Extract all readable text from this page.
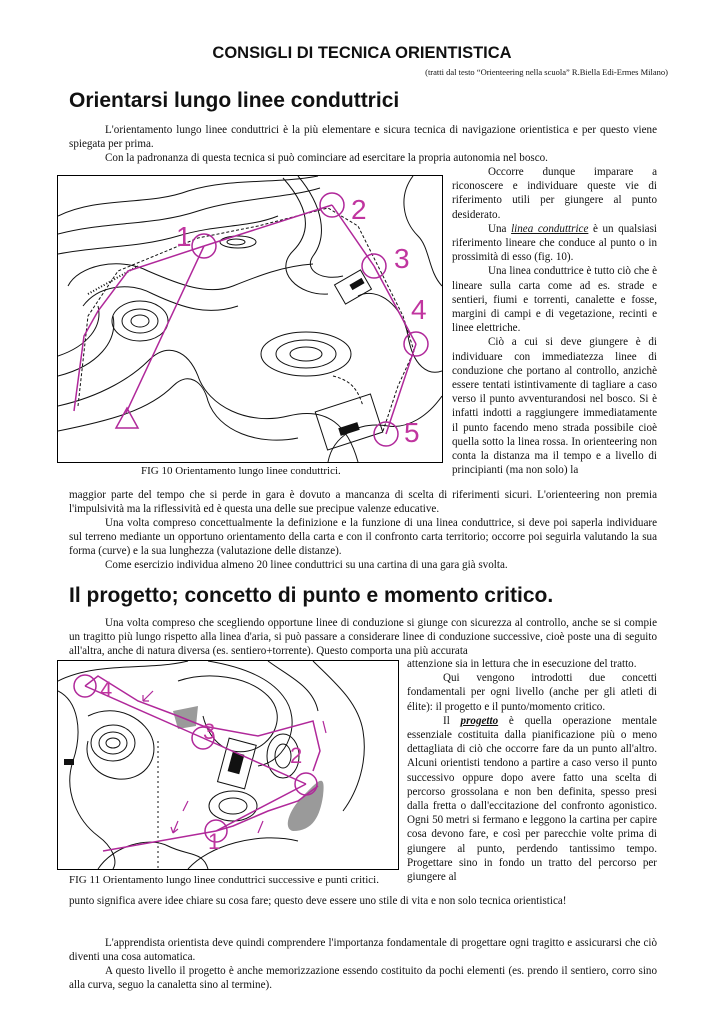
CONSIGLI DI TECNICA ORIENTISTICA
(tratti dal testo “Orienteering nella scuola” R.Biella Edi-Ermes Milano)
Orientarsi lungo linee conduttrici

L'orientamento lungo linee conduttrici è la più elementare e sicura tecnica di navigazione orientistica e per questo viene spiegata per prima.

Con la padronanza di questa tecnica si può cominciare ad esercitare la propria autonomia nel bosco.

1
2
3
4
5
FIG 10 Orientamento lungo linee conduttrici.

Occorre dunque imparare a riconoscere e individuare queste vie di riferimento utili per giungere al punto desiderato.

Una linea conduttrice è un qualsiasi riferimento lineare che conduce al punto o in prossimità di esso (fig. 10).

Una linea conduttrice è tutto ciò che è lineare sulla carta come ad es. strade e sentieri, fiumi e torrenti, canalette e fosse, margini di campi e di vegetazione, recinti e linee elettriche.

Ciò a cui si deve giungere è di individuare con immediatezza linee di conduzione che portano al controllo, anzichè essere tentati istintivamente di tagliare a caso verso il punto avventurandosi nel bosco. Si è infatti indotti a raggiungere immediatamente il punto facendo meno strada possibile cioè quella sotto la linea rossa. In orienteering non conta la distanza ma il tempo e a livello di principianti (ma non solo) la

maggior parte del tempo che si perde in gara è dovuto a mancanza di scelta di riferimenti sicuri. L'orienteering non premia l'impulsività ma la riflessività ed è questa una delle sue precipue valenze educative.

Una volta compreso concettualmente la definizione e la funzione di una linea conduttrice, si deve poi saperla individuare sul terreno mediante un opportuno orientamento della carta e con il confronto carta territorio; occorre poi seguirla valutando la sua forma (curve) e la sua lunghezza (valutazione delle distanze).

Come esercizio individua almeno 20 linee conduttrici su una cartina di una gara già svolta.

Il progetto; concetto di punto e momento critico.

Una volta compreso che scegliendo opportune linee di conduzione si giunge con sicurezza al controllo, anche se si compie un tragitto più lungo rispetto alla linea d'aria, si può passare a considerare linee di conduzione successive, cioè poste una di seguito all'altra, anche di natura diversa (es. sentiero+torrente). Questo comporta una più accurata

1
2
3
4
FIG 11 Orientamento lungo linee conduttrici successive e punti critici.

attenzione sia in lettura che in esecuzione del tratto.

Qui vengono introdotti due concetti fondamentali per ogni livello (anche per gli atleti di élite): il progetto e il punto/momento critico.

Il progetto è quella operazione mentale essenziale costituita dalla pianificazione più o meno dettagliata di ciò che occorre fare da un punto all'altro. Alcuni orientisti tendono a partire a caso verso il punto successivo oppure dopo avere fatto una scelta di percorso grossolana e non ben definita, spesso presi dalla fretta o dall'eccitazione del confronto agonistico. Ogni 50 metri si fermano e leggono la cartina per capire cosa devono fare, e così per parecchie volte prima di giungere al punto, perdendo tantissimo tempo. Progettare sino in fondo un tratto del percorso per giungere al

punto significa avere idee chiare su cosa fare; questo deve essere uno stile di vita e non solo tecnica orientistica!

L'apprendista orientista deve quindi comprendere l'importanza fondamentale di progettare ogni tragitto e assicurarsi che ciò diventi una cosa automatica.

A questo livello il progetto è anche memorizzazione essendo costituito da pochi elementi (es. prendo il sentiero, corro sino alla curva, seguo la canaletta sino al termine).
